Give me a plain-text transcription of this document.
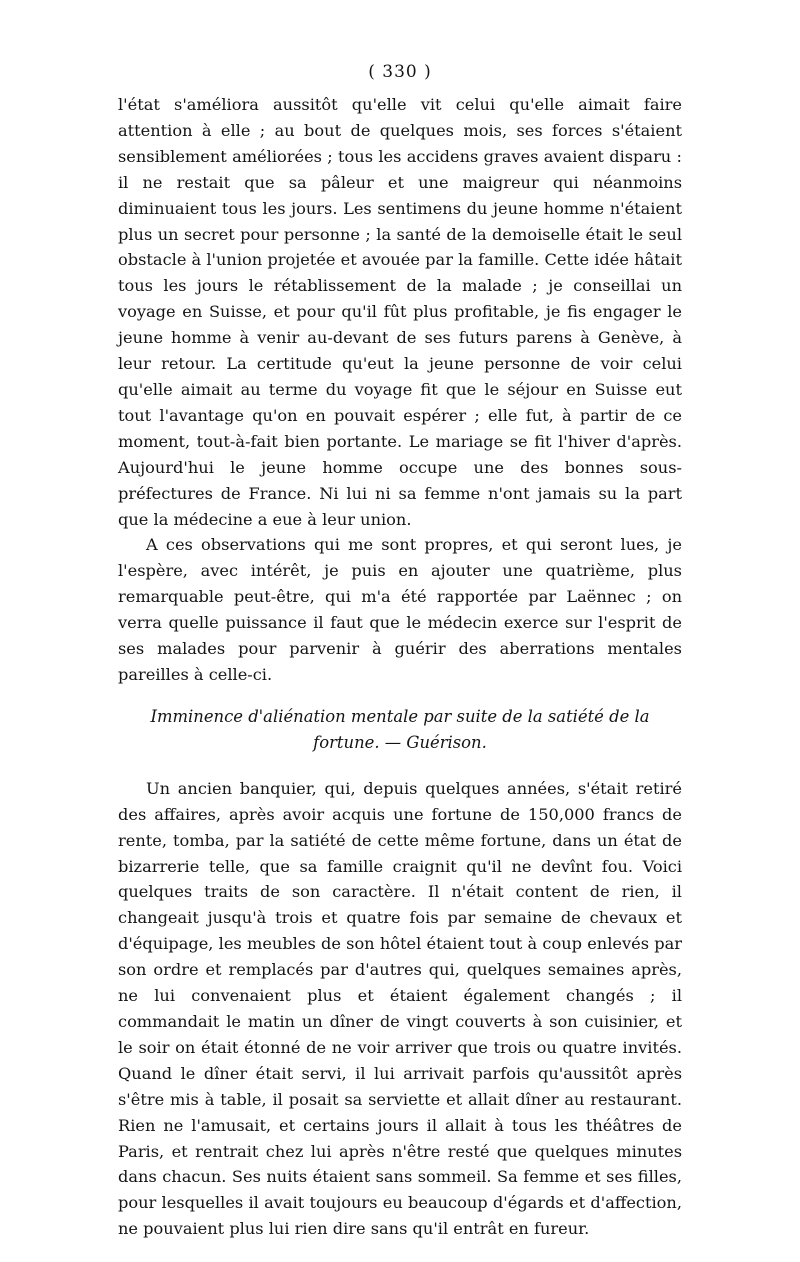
( 330 )

l'état s'améliora aussitôt qu'elle vit celui qu'elle aimait faire attention à elle ; au bout de quelques mois, ses forces s'étaient sensiblement améliorées ; tous les accidens graves avaient disparu : il ne restait que sa pâleur et une maigreur qui néanmoins diminuaient tous les jours. Les sentimens du jeune homme n'étaient plus un secret pour personne ; la santé de la demoiselle était le seul obstacle à l'union projetée et avouée par la famille. Cette idée hâtait tous les jours le rétablissement de la malade ; je conseillai un voyage en Suisse, et pour qu'il fût plus profitable, je fis engager le jeune homme à venir au-devant de ses futurs parens à Genève, à leur retour. La certitude qu'eut la jeune personne de voir celui qu'elle aimait au terme du voyage fit que le séjour en Suisse eut tout l'avantage qu'on en pouvait espérer ; elle fut, à partir de ce moment, tout-à-fait bien portante. Le mariage se fit l'hiver d'après. Aujourd'hui le jeune homme occupe une des bonnes sous-préfectures de France. Ni lui ni sa femme n'ont jamais su la part que la médecine a eue à leur union.

A ces observations qui me sont propres, et qui seront lues, je l'espère, avec intérêt, je puis en ajouter une quatrième, plus remarquable peut-être, qui m'a été rapportée par Laënnec ; on verra quelle puissance il faut que le médecin exerce sur l'esprit de ses malades pour parvenir à guérir des aberrations mentales pareilles à celle-ci.

Imminence d'aliénation mentale par suite de la satiété de la fortune. — Guérison.

Un ancien banquier, qui, depuis quelques années, s'était retiré des affaires, après avoir acquis une fortune de 150,000 francs de rente, tomba, par la satiété de cette même fortune, dans un état de bizarrerie telle, que sa famille craignit qu'il ne devînt fou. Voici quelques traits de son caractère. Il n'était content de rien, il changeait jusqu'à trois et quatre fois par semaine de chevaux et d'équipage, les meubles de son hôtel étaient tout à coup enlevés par son ordre et remplacés par d'autres qui, quelques semaines après, ne lui convenaient plus et étaient également changés ; il commandait le matin un dîner de vingt couverts à son cuisinier, et le soir on était étonné de ne voir arriver que trois ou quatre invités. Quand le dîner était servi, il lui arrivait parfois qu'aussitôt après s'être mis à table, il posait sa serviette et allait dîner au restaurant. Rien ne l'amusait, et certains jours il allait à tous les théâtres de Paris, et rentrait chez lui après n'être resté que quelques minutes dans chacun. Ses nuits étaient sans sommeil. Sa femme et ses filles, pour lesquelles il avait toujours eu beaucoup d'égards et d'affection, ne pouvaient plus lui rien dire sans qu'il entrât en fureur.
